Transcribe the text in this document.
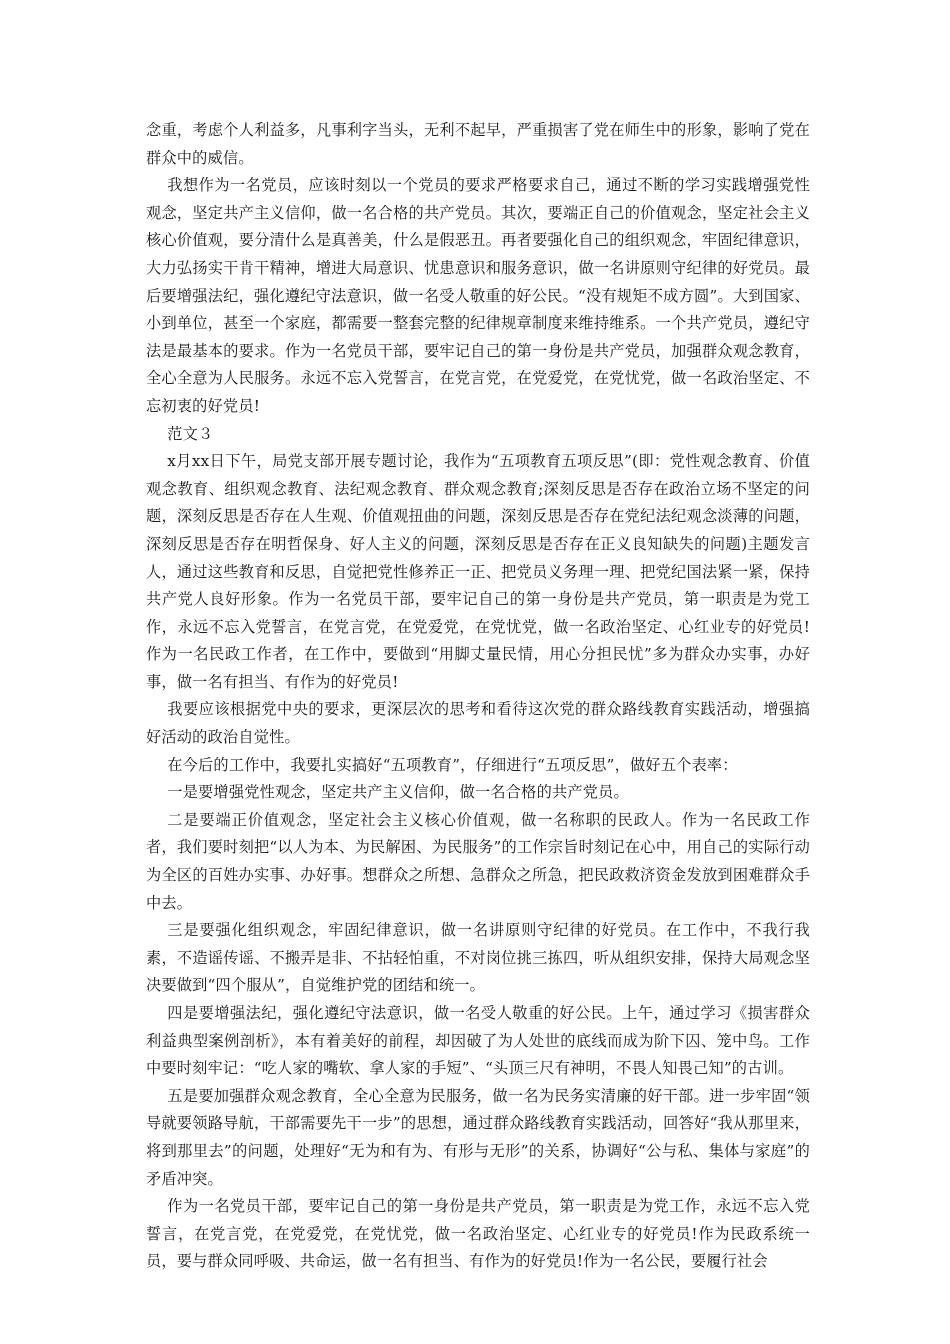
念重，考虑个人利益多，凡事利字当头，无利不起早，严重损害了党在师生中的形象，影响了党在群众中的威信。

我想作为一名党员，应该时刻以一个党员的要求严格要求自己，通过不断的学习实践增强党性观念，坚定共产主义信仰，做一名合格的共产党员。其次，要端正自己的价值观念，坚定社会主义核心价值观，要分清什么是真善美，什么是假恶丑。再者要强化自己的组织观念，牢固纪律意识，大力弘扬实干肯干精神，增进大局意识、忧患意识和服务意识，做一名讲原则守纪律的好党员。最后要增强法纪，强化遵纪守法意识，做一名受人敬重的好公民。“没有规矩不成方圆”。大到国家、小到单位，甚至一个家庭，都需要一整套完整的纪律规章制度来维持维系。一个共产党员，遵纪守法是最基本的要求。作为一名党员干部，要牢记自己的第一身份是共产党员，加强群众观念教育，全心全意为人民服务。永远不忘入党誓言，在党言党，在党爱党，在党忧党，做一名政治坚定、不忘初衷的好党员!

范文３

x月xx日下午，局党支部开展专题讨论，我作为“五项教育五项反思”(即：党性观念教育、价值观念教育、组织观念教育、法纪观念教育、群众观念教育;深刻反思是否存在政治立场不坚定的问题，深刻反思是否存在人生观、价值观扭曲的问题，深刻反思是否存在党纪法纪观念淡薄的问题，深刻反思是否存在明哲保身、好人主义的问题，深刻反思是否存在正义良知缺失的问题)主题发言人，通过这些教育和反思，自觉把党性修养正一正、把党员义务理一理、把党纪国法紧一紧，保持共产党人良好形象。作为一名党员干部，要牢记自己的第一身份是共产党员，第一职责是为党工作，永远不忘入党誓言，在党言党，在党爱党，在党忧党，做一名政治坚定、心红业专的好党员!作为一名民政工作者，在工作中，要做到“用脚丈量民情，用心分担民忧”多为群众办实事，办好事，做一名有担当、有作为的好党员!

我要应该根据党中央的要求，更深层次的思考和看待这次党的群众路线教育实践活动，增强搞好活动的政治自觉性。

在今后的工作中，我要扎实搞好“五项教育”，仔细进行“五项反思”，做好五个表率：

一是要增强党性观念，坚定共产主义信仰，做一名合格的共产党员。

二是要端正价值观念，坚定社会主义核心价值观，做一名称职的民政人。作为一名民政工作者，我们要时刻把“以人为本、为民解困、为民服务”的工作宗旨时刻记在心中，用自己的实际行动为全区的百姓办实事、办好事。想群众之所想、急群众之所急，把民政救济资金发放到困难群众手中去。

三是要强化组织观念，牢固纪律意识，做一名讲原则守纪律的好党员。在工作中，不我行我素，不造谣传谣、不搬弄是非、不拈轻怕重，不对岗位挑三拣四，听从组织安排，保持大局观念坚决要做到“四个服从”，自觉维护党的团结和统一。

四是要增强法纪，强化遵纪守法意识，做一名受人敬重的好公民。上午，通过学习《损害群众利益典型案例剖析》，本有着美好的前程，却因破了为人处世的底线而成为阶下囚、笼中鸟。工作中要时刻牢记：“吃人家的嘴软、拿人家的手短”、“头顶三尺有神明，不畏人知畏己知”的古训。

五是要加强群众观念教育，全心全意为民服务，做一名为民务实清廉的好干部。进一步牢固“领导就要领路导航，干部需要先干一步”的思想，通过群众路线教育实践活动，回答好“我从那里来，将到那里去”的问题，处理好“无为和有为、有形与无形”的关系，协调好“公与私、集体与家庭”的矛盾冲突。

作为一名党员干部，要牢记自己的第一身份是共产党员，第一职责是为党工作，永远不忘入党誓言，在党言党，在党爱党，在党忧党，做一名政治坚定、心红业专的好党员!作为民政系统一员，要与群众同呼吸、共命运，做一名有担当、有作为的好党员!作为一名公民，要履行社会
